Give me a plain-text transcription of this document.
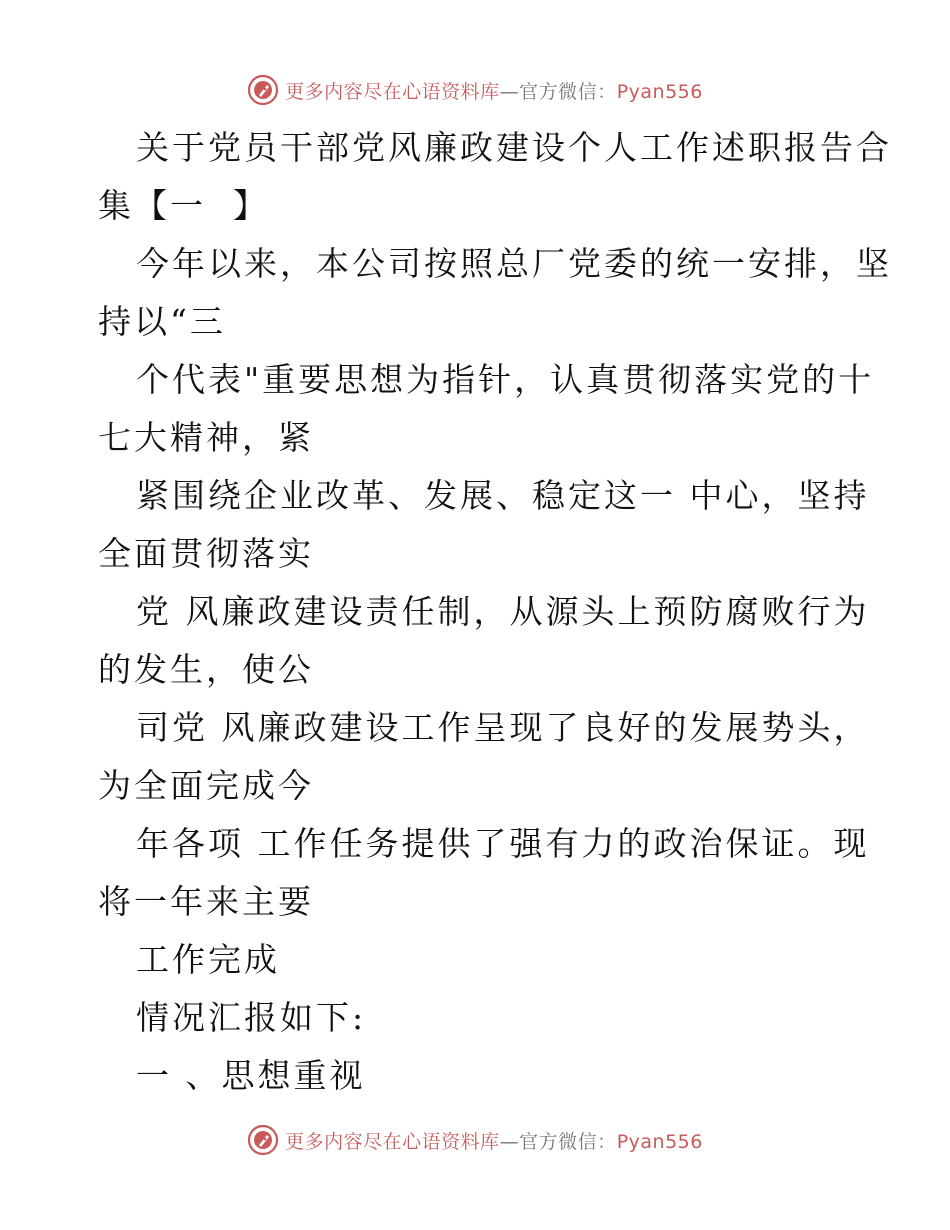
更多内容尽在心语资料库—官方微信：Pyan556
关于党员干部党风廉政建设个人工作述职报告合
集【一  】
今年以来，本公司按照总厂党委的统一安排，坚
持以“三
个代表"重要思想为指针，认真贯彻落实党的十
七大精神，紧
紧围绕企业改革、发展、稳定这一 中心，坚持
全面贯彻落实
党 风廉政建设责任制，从源头上预防腐败行为
的发生，使公
司党 风廉政建设工作呈现了良好的发展势头，
为全面完成今
年各项 工作任务提供了强有力的政治保证。现
将一年来主要
工作完成
情况汇报如下:
一 、思想重视
更多内容尽在心语资料库—官方微信：Pyan556
